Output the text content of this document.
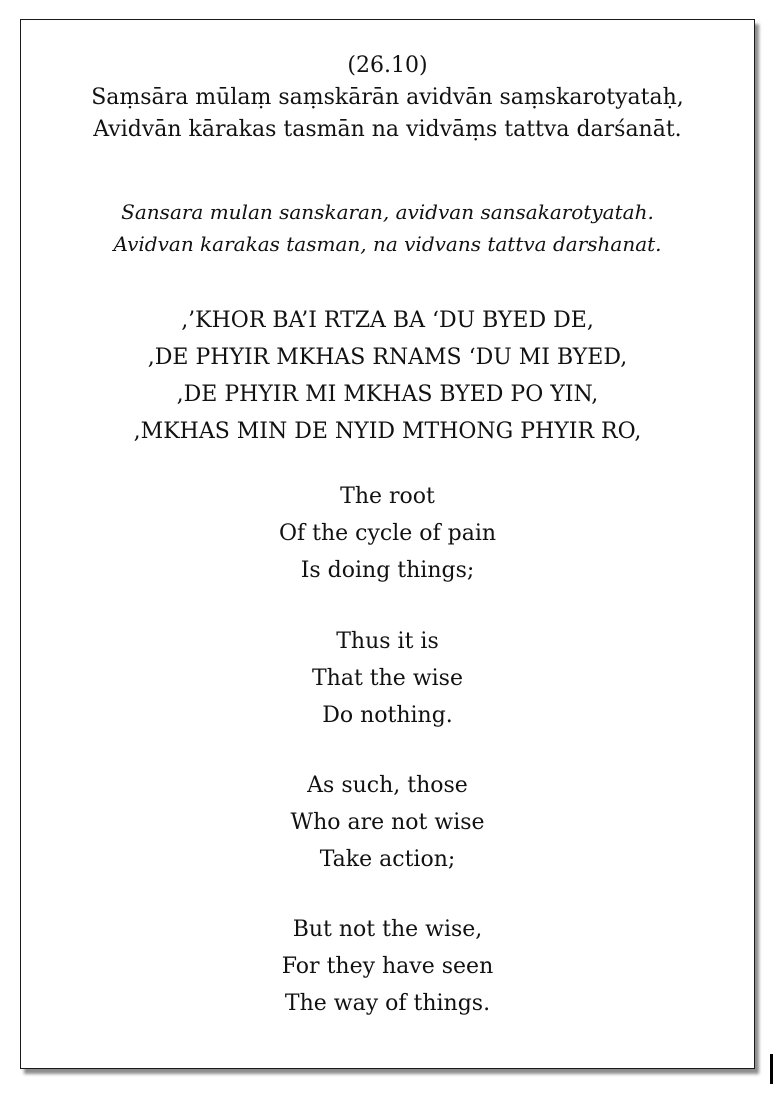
(26.10)
Saṃsāra mūlaṃ saṃskārān avidvān saṃskarotyataḥ,
Avidvān kārakas tasmān na vidvāṃs tattva darśanāt.
Sansara mulan sanskaran, avidvan sansakarotyatah.
Avidvan karakas tasman, na vidvans tattva darshanat.
,’KHOR BA’I RTZA BA ‘DU BYED DE,
,DE PHYIR MKHAS RNAMS ‘DU MI BYED,
,DE PHYIR MI MKHAS BYED PO YIN,
,MKHAS MIN DE NYID MTHONG PHYIR RO,
The root
Of the cycle of pain
Is doing things;
Thus it is
That the wise
Do nothing.
As such, those
Who are not wise
Take action;
But not the wise,
For they have seen
The way of things.
